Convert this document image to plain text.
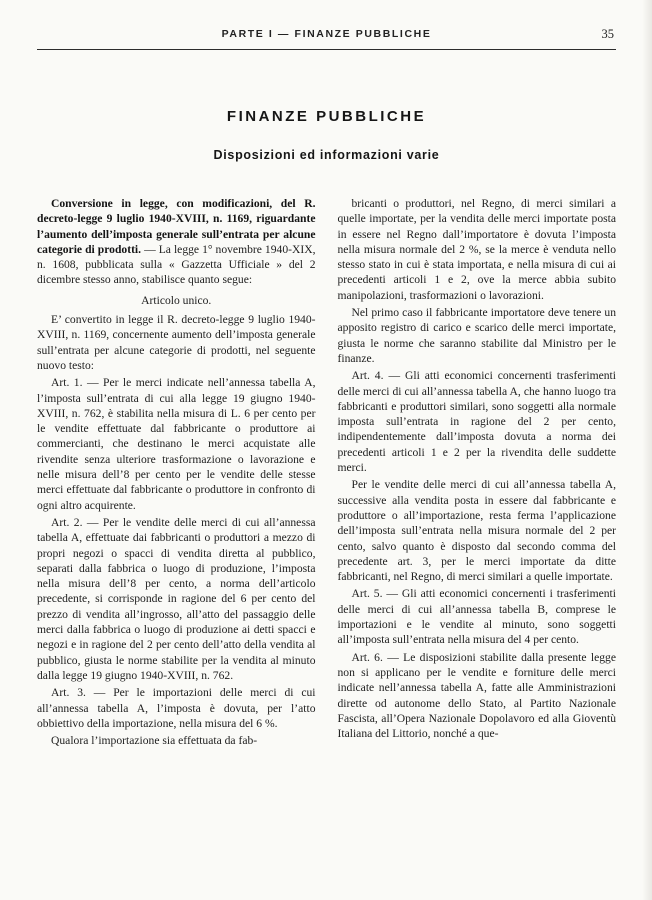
PARTE I — FINANZE PUBBLICHE	35
FINANZE PUBBLICHE
Disposizioni ed informazioni varie

Conversione in legge, con modificazioni, del R. decreto-legge 9 luglio 1940-XVIII, n. 1169, riguardante l’aumento dell’imposta generale sull’entrata per alcune categorie di prodotti. — La legge 1° novembre 1940-XIX, n. 1608, pubblicata sulla « Gazzetta Ufficiale » del 2 dicembre stesso anno, stabilisce quanto segue:

Articolo unico.

E’ convertito in legge il R. decreto-legge 9 luglio 1940-XVIII, n. 1169, concernente aumento dell’imposta generale sull’entrata per alcune categorie di prodotti, nel seguente nuovo testo:

Art. 1. — Per le merci indicate nell’annessa tabella A, l’imposta sull’entrata di cui alla legge 19 giugno 1940-XVIII, n. 762, è stabilita nella misura di L. 6 per cento per le vendite effettuate dal fabbricante o produttore ai commercianti, che destinano le merci acquistate alle rivendite senza ulteriore trasformazione o lavorazione e nelle misura dell’8 per cento per le vendite delle stesse merci effettuate dal fabbricante o produttore in confronto di ogni altro acquirente.

Art. 2. — Per le vendite delle merci di cui all’annessa tabella A, effettuate dai fabbricanti o produttori a mezzo di propri negozi o spacci di vendita diretta al pubblico, separati dalla fabbrica o luogo di produzione, l’imposta nella misura dell’8 per cento, a norma dell’articolo precedente, si corrisponde in ragione del 6 per cento del prezzo di vendita all’ingrosso, all’atto del passaggio delle merci dalla fabbrica o luogo di produzione ai detti spacci e negozi e in ragione del 2 per cento dell’atto della vendita al pubblico, giusta le norme stabilite per la vendita al minuto dalla legge 19 giugno 1940-XVIII, n. 762.

Art. 3. — Per le importazioni delle merci di cui all’annessa tabella A, l’imposta è dovuta, per l’atto obbiettivo della importazione, nella misura del 6 %.

Qualora l’importazione sia effettuata da fab-

bricanti o produttori, nel Regno, di merci similari a quelle importate, per la vendita delle merci importate posta in essere nel Regno dall’importatore è dovuta l’imposta nella misura normale del 2 %, se la merce è venduta nello stesso stato in cui è stata importata, e nella misura di cui ai precedenti articoli 1 e 2, ove la merce abbia subito manipolazioni, trasformazioni o lavorazioni.

Nel primo caso il fabbricante importatore deve tenere un apposito registro di carico e scarico delle merci importate, giusta le norme che saranno stabilite dal Ministro per le finanze.

Art. 4. — Gli atti economici concernenti trasferimenti delle merci di cui all’annessa tabella A, che hanno luogo tra fabbricanti e produttori similari, sono soggetti alla normale imposta sull’entrata in ragione del 2 per cento, indipendentemente dall’imposta dovuta a norma dei precedenti articoli 1 e 2 per la rivendita delle suddette merci.

Per le vendite delle merci di cui all’annessa tabella A, successive alla vendita posta in essere dal fabbricante e produttore o all’importazione, resta ferma l’applicazione dell’imposta sull’entrata nella misura normale del 2 per cento, salvo quanto è disposto dal secondo comma del precedente art. 3, per le merci importate da ditte fabbricanti, nel Regno, di merci similari a quelle importate.

Art. 5. — Gli atti economici concernenti i trasferimenti delle merci di cui all’annessa tabella B, comprese le importazioni e le vendite al minuto, sono soggetti all’imposta sull’entrata nella misura del 4 per cento.

Art. 6. — Le disposizioni stabilite dalla presente legge non si applicano per le vendite e forniture delle merci indicate nell’annessa tabella A, fatte alle Amministrazioni dirette od autonome dello Stato, al Partito Nazionale Fascista, all’Opera Nazionale Dopolavoro ed alla Gioventù Italiana del Littorio, nonché a que-
